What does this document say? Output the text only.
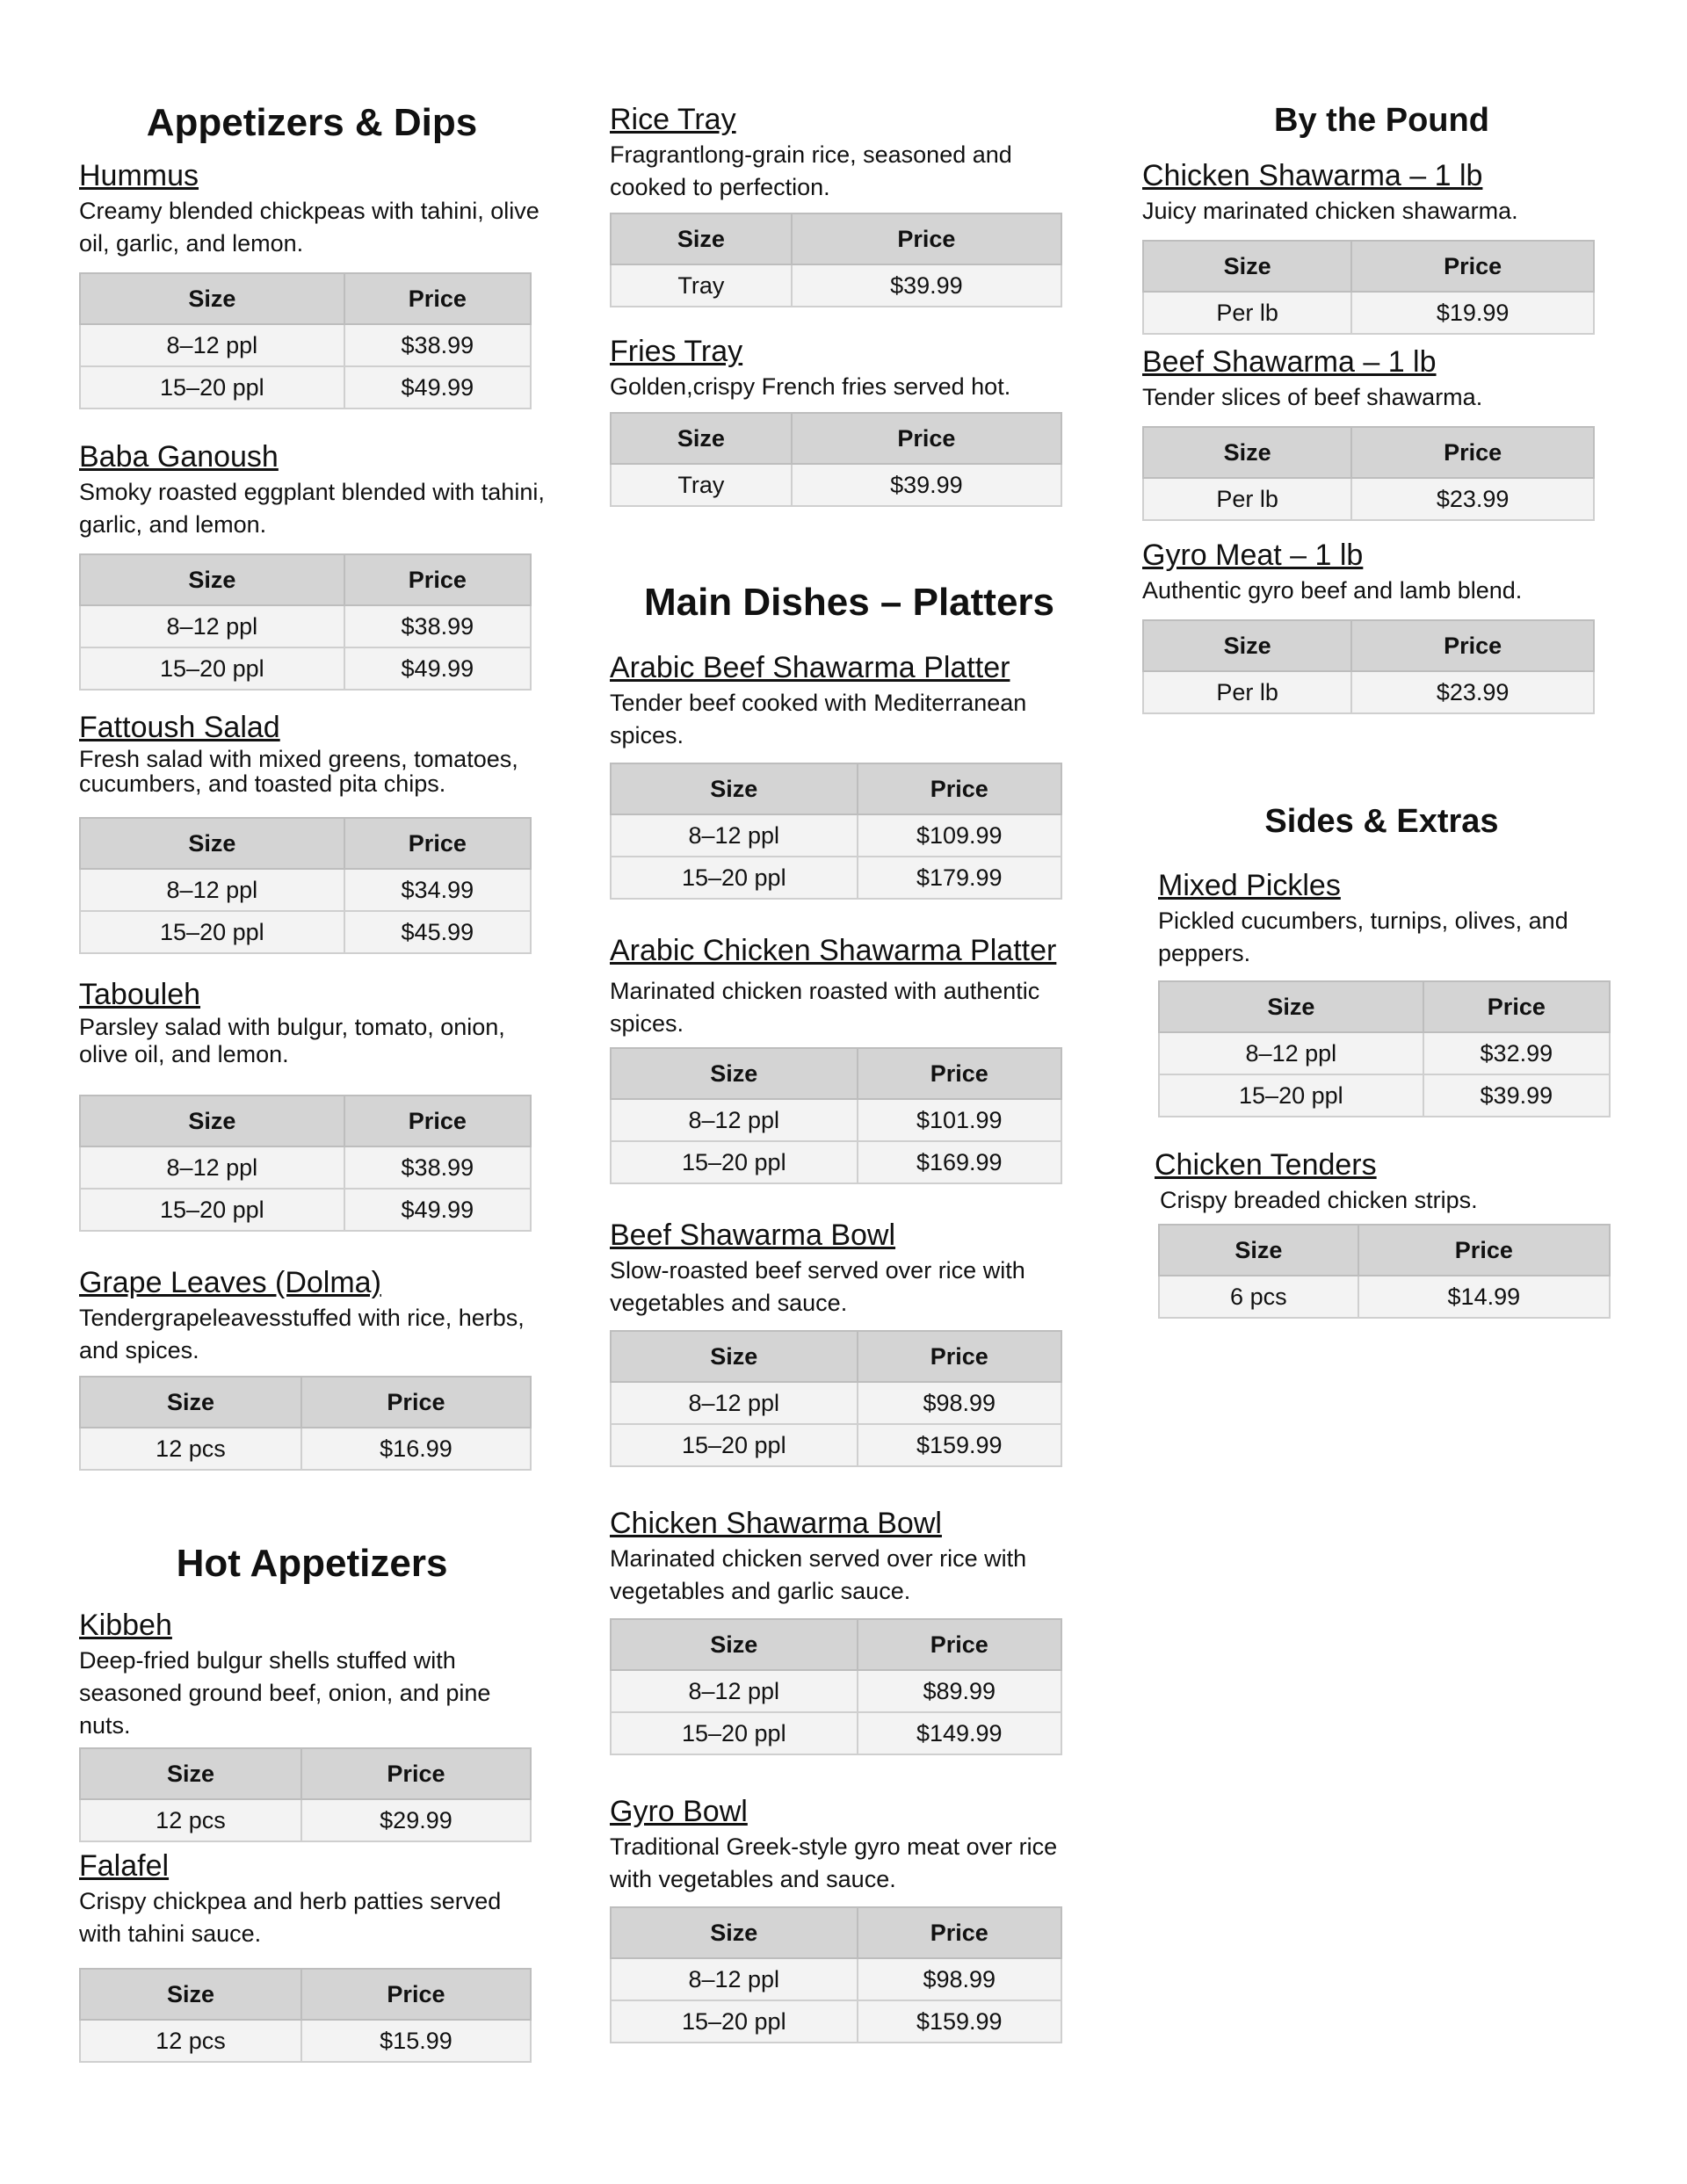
Appetizers & Dips
Hummus
Creamy blended chickpeas with tahini, olive oil, garlic, and lemon.
Size	Price
8–12 ppl	$38.99
15–20 ppl	$49.99
Baba Ganoush
Smoky roasted eggplant blended with tahini, garlic, and lemon.
Size	Price
8–12 ppl	$38.99
15–20 ppl	$49.99
Fattoush Salad
Fresh salad with mixed greens, tomatoes, cucumbers, and toasted pita chips.
Size	Price
8–12 ppl	$34.99
15–20 ppl	$45.99
Tabouleh
Parsley salad with bulgur, tomato, onion, olive oil, and lemon.
Size	Price
8–12 ppl	$38.99
15–20 ppl	$49.99
Grape Leaves (Dolma)
Tendergrapeleavesstuffed with rice, herbs, and spices.
Size	Price
12 pcs	$16.99
Hot Appetizers
Kibbeh
Deep-fried bulgur shells stuffed with seasoned ground beef, onion, and pine nuts.
Size	Price
12 pcs	$29.99
Falafel
Crispy chickpea and herb patties served with tahini sauce.
Size	Price
12 pcs	$15.99
Rice Tray
Fragrantlong-grain rice, seasoned and cooked to perfection.
Size	Price
Tray	$39.99
Fries Tray
Golden,crispy French fries served hot.
Size	Price
Tray	$39.99
Main Dishes – Platters
Arabic Beef Shawarma Platter
Tender beef cooked with Mediterranean spices.
Size	Price
8–12 ppl	$109.99
15–20 ppl	$179.99
Arabic Chicken Shawarma Platter
Marinated chicken roasted with authentic spices.
Size	Price
8–12 ppl	$101.99
15–20 ppl	$169.99
Beef Shawarma Bowl
Slow-roasted beef served over rice with vegetables and sauce.
Size	Price
8–12 ppl	$98.99
15–20 ppl	$159.99
Chicken Shawarma Bowl
Marinated chicken served over rice with vegetables and garlic sauce.
Size	Price
8–12 ppl	$89.99
15–20 ppl	$149.99
Gyro Bowl
Traditional Greek-style gyro meat over rice with vegetables and sauce.
Size	Price
8–12 ppl	$98.99
15–20 ppl	$159.99
By the Pound
Chicken Shawarma – 1 lb
Juicy marinated chicken shawarma.
Size	Price
Per lb	$19.99
Beef Shawarma – 1 lb
Tender slices of beef shawarma.
Size	Price
Per lb	$23.99
Gyro Meat – 1 lb
Authentic gyro beef and lamb blend.
Size	Price
Per lb	$23.99
Sides & Extras
Mixed Pickles
Pickled cucumbers, turnips, olives, and peppers.
Size	Price
8–12 ppl	$32.99
15–20 ppl	$39.99
Chicken Tenders
Crispy breaded chicken strips.
Size	Price
6 pcs	$14.99
